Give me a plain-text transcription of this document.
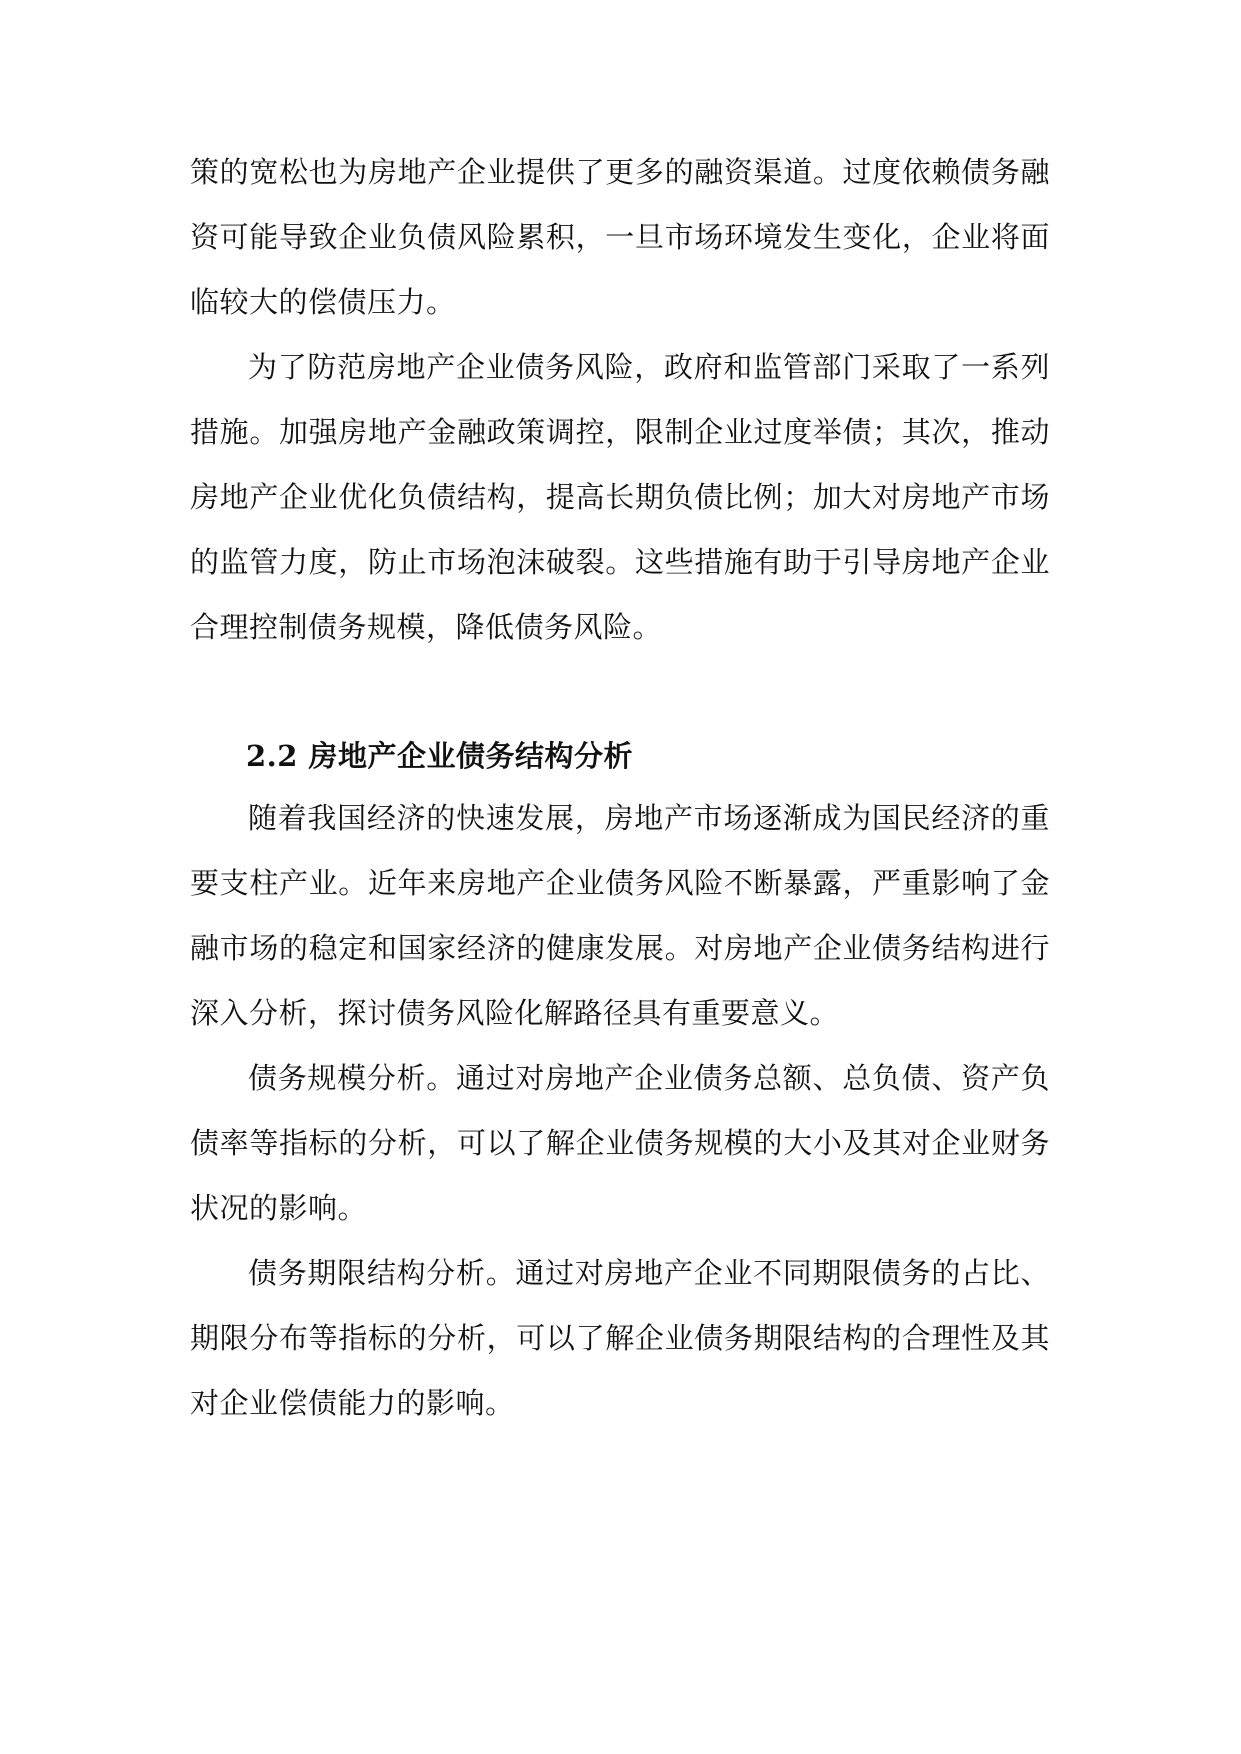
策的宽松也为房地产企业提供了更多的融资渠道。过度依赖债务融资可能导致企业负债风险累积，一旦市场环境发生变化，企业将面临较大的偿债压力。

为了防范房地产企业债务风险，政府和监管部门采取了一系列措施。加强房地产金融政策调控，限制企业过度举债；其次，推动房地产企业优化负债结构，提高长期负债比例；加大对房地产市场的监管力度，防止市场泡沫破裂。这些措施有助于引导房地产企业合理控制债务规模，降低债务风险。

2.2 房地产企业债务结构分析

随着我国经济的快速发展，房地产市场逐渐成为国民经济的重要支柱产业。近年来房地产企业债务风险不断暴露，严重影响了金融市场的稳定和国家经济的健康发展。对房地产企业债务结构进行深入分析，探讨债务风险化解路径具有重要意义。

债务规模分析。通过对房地产企业债务总额、总负债、资产负债率等指标的分析，可以了解企业债务规模的大小及其对企业财务状况的影响。

债务期限结构分析。通过对房地产企业不同期限债务的占比、期限分布等指标的分析，可以了解企业债务期限结构的合理性及其对企业偿债能力的影响。
